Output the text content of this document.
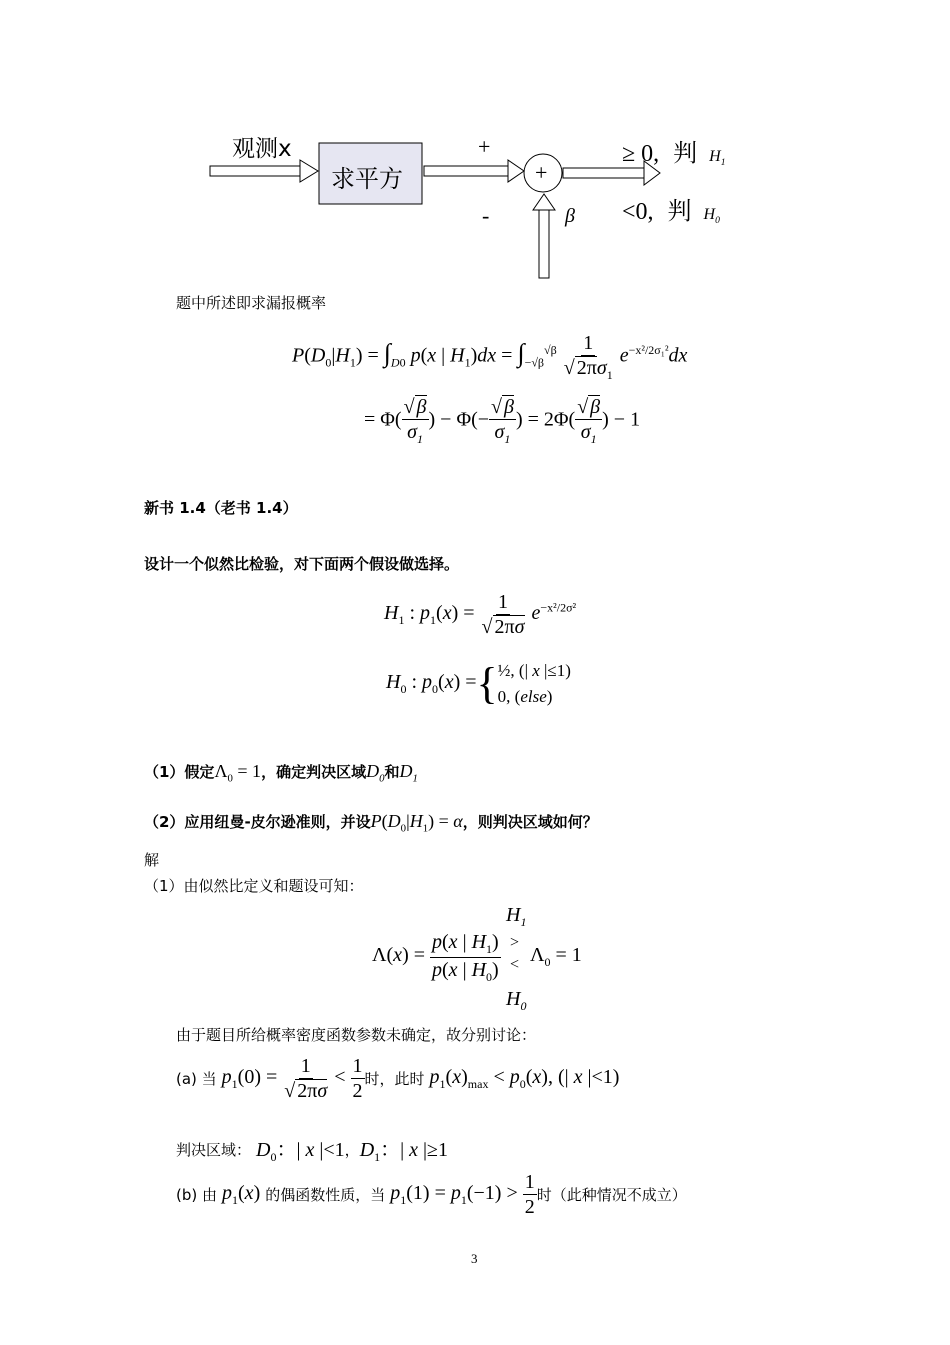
观测x
求平方
+
-
+
β
≥ 0, 判 $H_1$
<0, 判 $H_0$
题中所述即求漏报概率
$P(D_0|H_1) = \int_{D0}$ p(x | $H_1)dx = \int_{-√\beta}^{√\beta} \frac{1}{√ 2\pi\sigma_1} e^{-x^2/2\sigma_1^2}dx$
= $\Phi( \frac{√ \beta}{\sigma_1}$ ) − $\Phi(- \frac{√ \beta}{\sigma_1}$ ) = $2\Phi( \frac{√ \beta}{\sigma_1}$ ) − 1
新书 1.4（老书 1.4）
设计一个似然比检验，对下面两个假设做选择。
$H_1$ : $p_1(x) = \frac{1}{√ 2\pi\sigma} e^{-x^2/2\sigma^2}$
$H_0$ : $p_0(x)$ = { ½, (| x |≤1)
0, (else)
（1）假定$\Lambda_0 = 1$，确定判决区域$D_0$和$D_1$
（2）应用纽曼-皮尔逊准则，并设$P(D_0|H_1) = \alpha$，则判决区域如何？
解
（1）由似然比定义和题设可知：
$H_1$
$\Lambda(x) = \frac{p(x | H_1)}{p(x | H_0)}$ >
< $\Lambda_0 = 1$
$H_0$
由于题目所给概率密度函数参数未确定，故分别讨论：
(a) 当 $p_1(0) = \frac{1}{√ 2\pi\sigma} < \frac{1}{2}$ 时，此时 $p_1(x)_{max} < p_0(x)$, (| x |<1)
判决区域： $D_0$：| x |<1 ， $D_1$：| x |≥1
(b) 由 $p_1(x)$ 的偶函数性质，当 $p_1(1) = p_1(-1) > \frac{1}{2}$ 时（此种情况不成立）
3
